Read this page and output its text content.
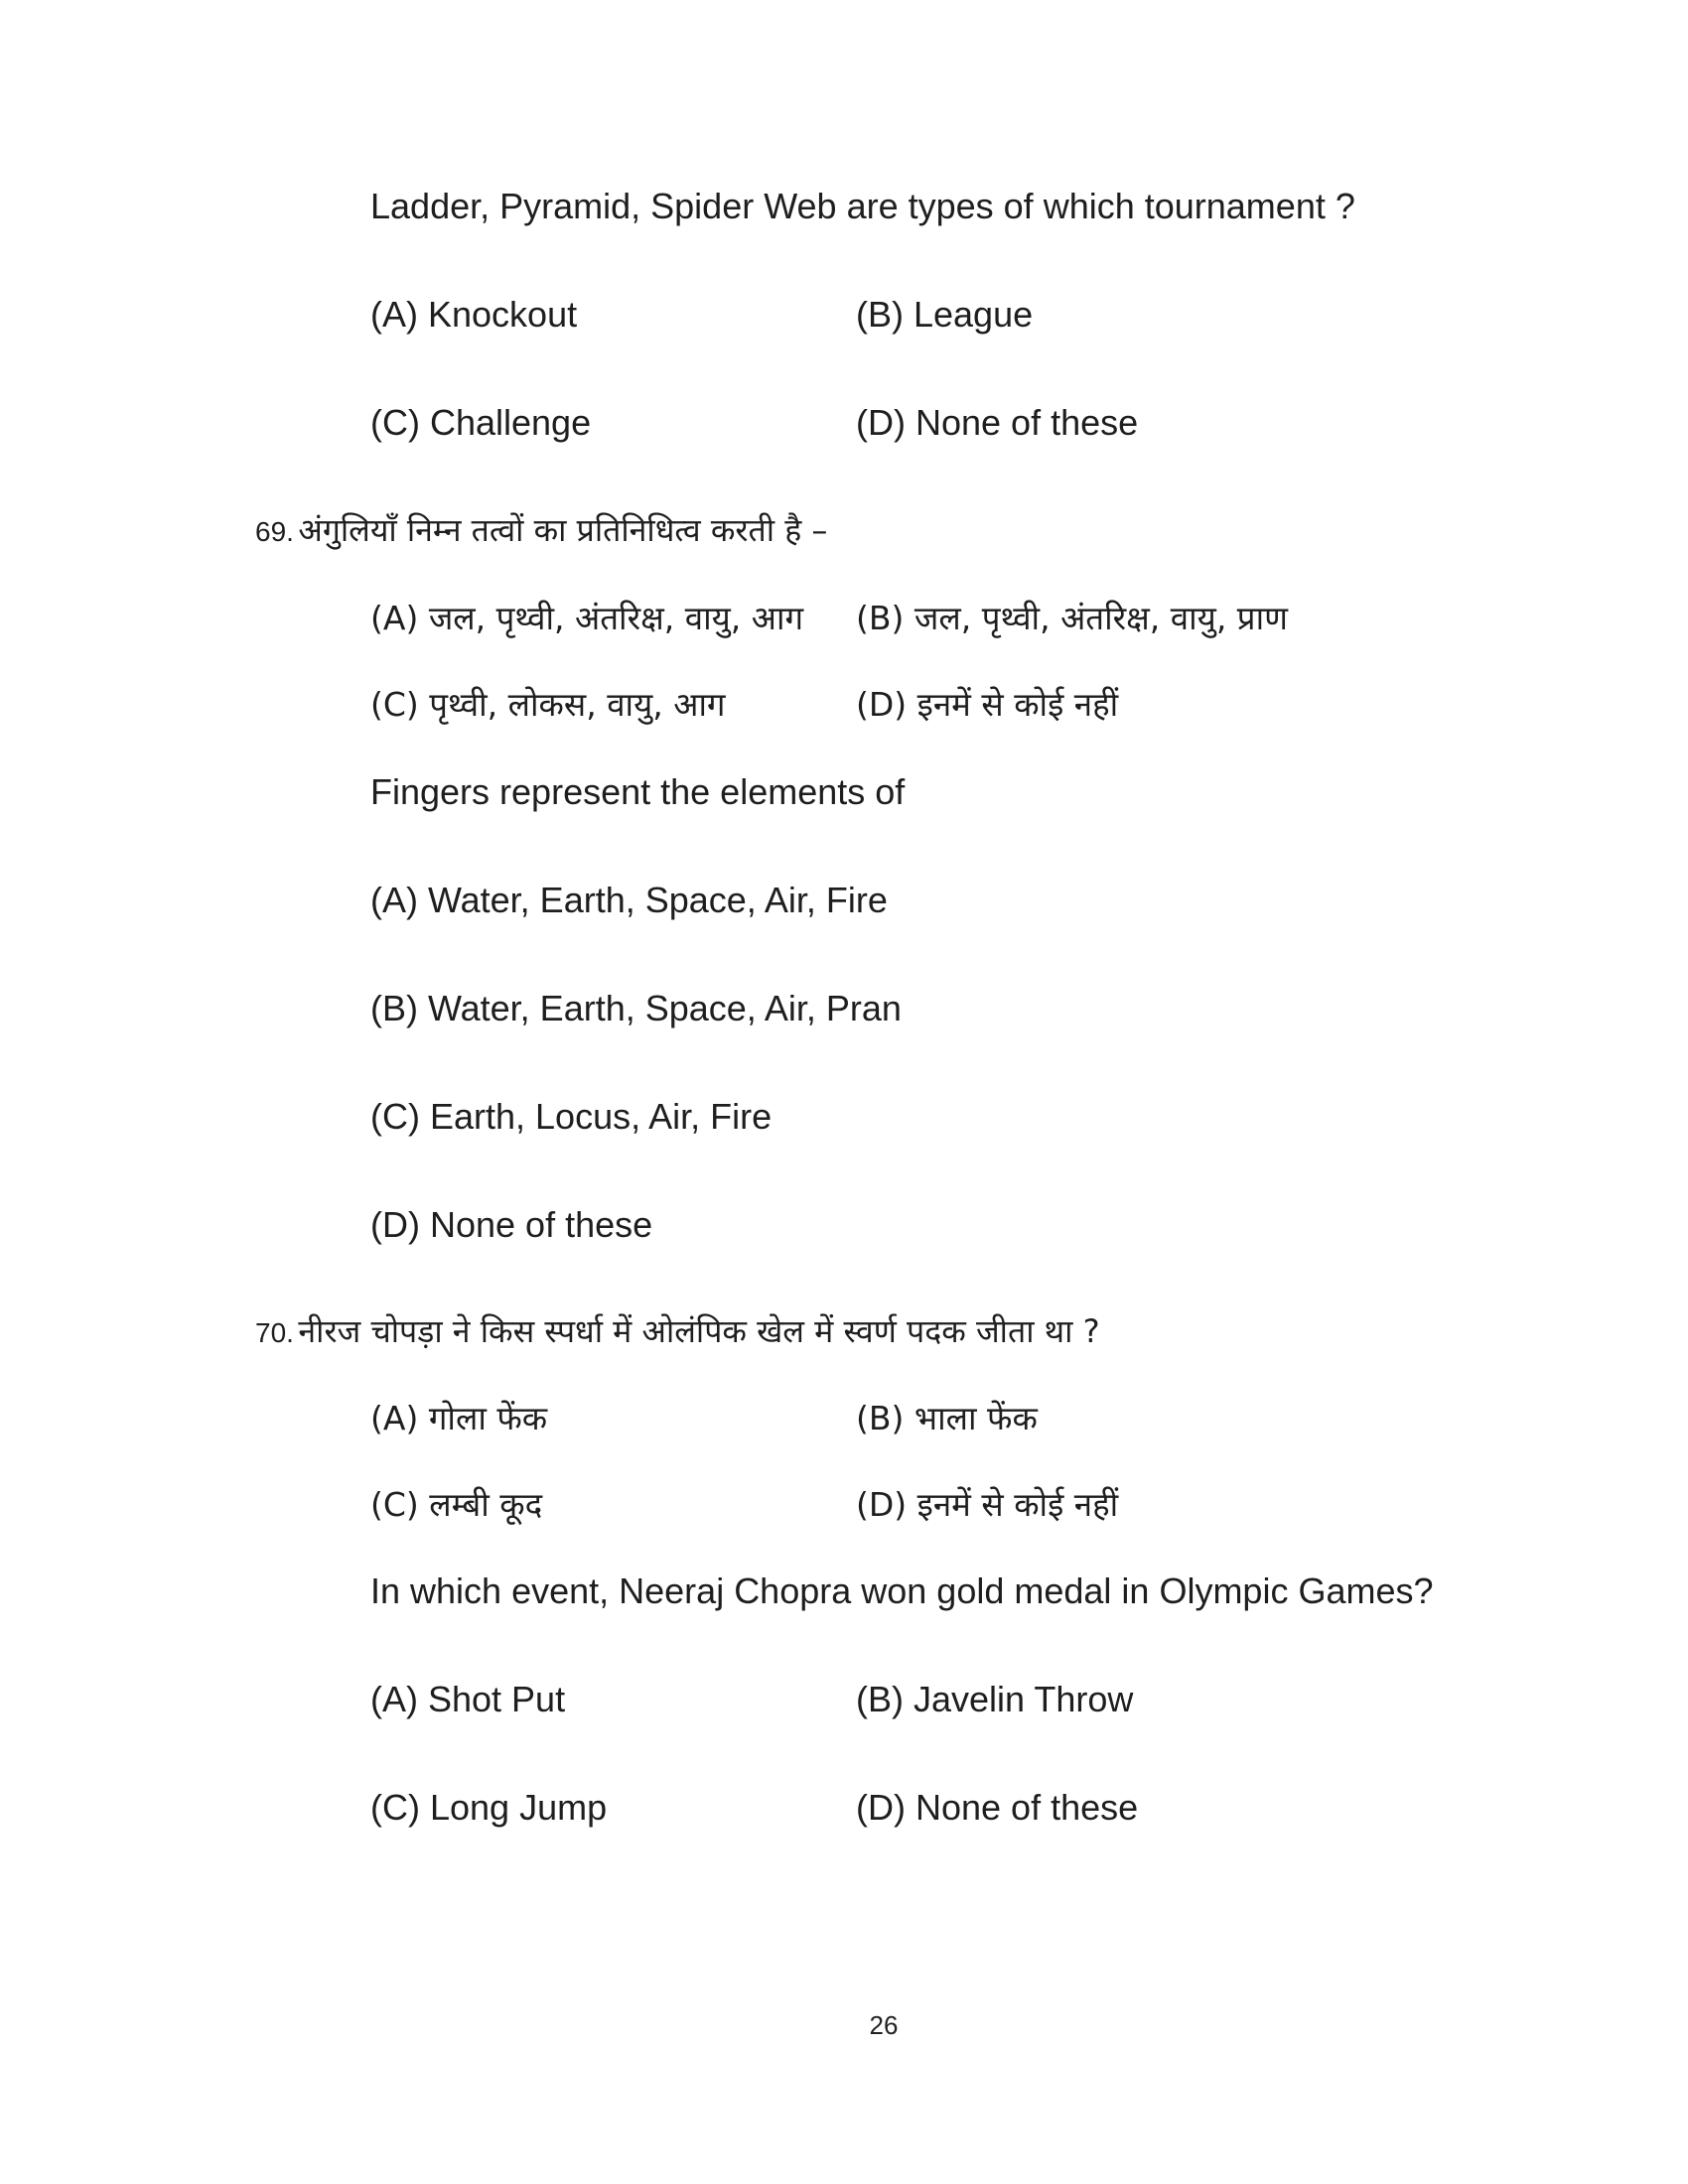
Ladder, Pyramid, Spider Web are types of which tournament ?
(A) Knockout	(B) League
(C) Challenge	(D) None of these
69. अंगुलियाँ निम्न तत्वों का प्रतिनिधित्व करती है –
(A) जल, पृथ्वी, अंतरिक्ष, वायु, आग (B) जल, पृथ्वी, अंतरिक्ष, वायु, प्राण
(C) पृथ्वी, लोकस, वायु, आग	(D) इनमें से कोई नहीं
Fingers represent the elements of
(A) Water, Earth, Space, Air, Fire
(B) Water, Earth, Space, Air, Pran
(C) Earth, Locus, Air, Fire
(D) None of these
70. नीरज चोपड़ा ने किस स्पर्धा में ओलंपिक खेल में स्वर्ण पदक जीता था ?
(A) गोला फेंक	(B) भाला फेंक
(C) लम्बी कूद	(D) इनमें से कोई नहीं
In which event, Neeraj Chopra won gold medal in Olympic Games?
(A) Shot Put	(B) Javelin Throw
(C) Long Jump	(D) None of these
26
